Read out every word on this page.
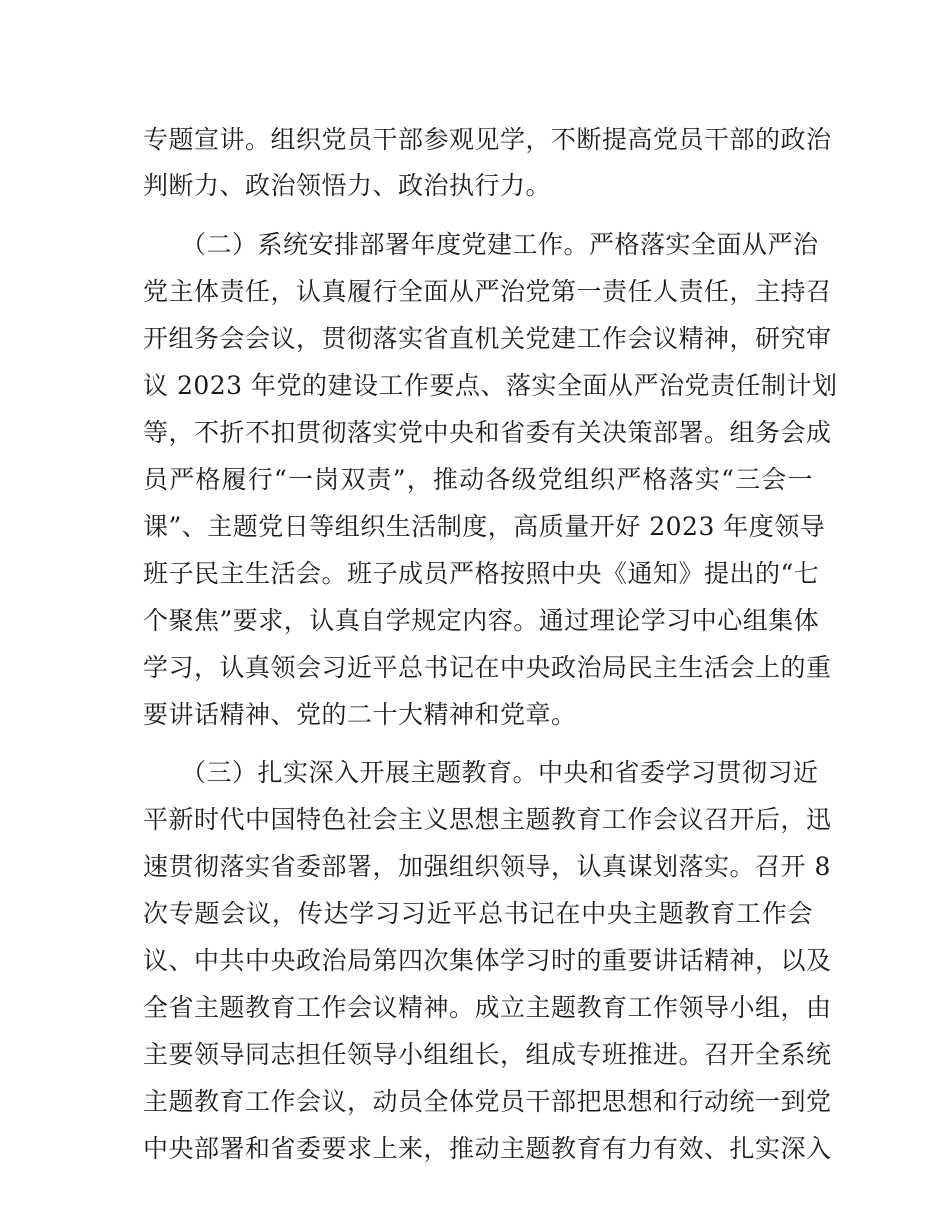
专题宣讲。组织党员干部参观见学，不断提高党员干部的政治
判断力、政治领悟力、政治执行力。
（二）系统安排部署年度党建工作。严格落实全面从严治
党主体责任，认真履行全面从严治党第一责任人责任，主持召
开组务会会议，贯彻落实省直机关党建工作会议精神，研究审
议 2023 年党的建设工作要点、落实全面从严治党责任制计划
等，不折不扣贯彻落实党中央和省委有关决策部署。组务会成
员严格履行“一岗双责”，推动各级党组织严格落实“三会一
课”、主题党日等组织生活制度，高质量开好 2023 年度领导
班子民主生活会。班子成员严格按照中央《通知》提出的“七
个聚焦”要求，认真自学规定内容。通过理论学习中心组集体
学习，认真领会习近平总书记在中央政治局民主生活会上的重
要讲话精神、党的二十大精神和党章。
（三）扎实深入开展主题教育。中央和省委学习贯彻习近
平新时代中国特色社会主义思想主题教育工作会议召开后，迅
速贯彻落实省委部署，加强组织领导，认真谋划落实。召开 8
次专题会议，传达学习习近平总书记在中央主题教育工作会
议、中共中央政治局第四次集体学习时的重要讲话精神，以及
全省主题教育工作会议精神。成立主题教育工作领导小组，由
主要领导同志担任领导小组组长，组成专班推进。召开全系统
主题教育工作会议，动员全体党员干部把思想和行动统一到党
中央部署和省委要求上来，推动主题教育有力有效、扎实深入
